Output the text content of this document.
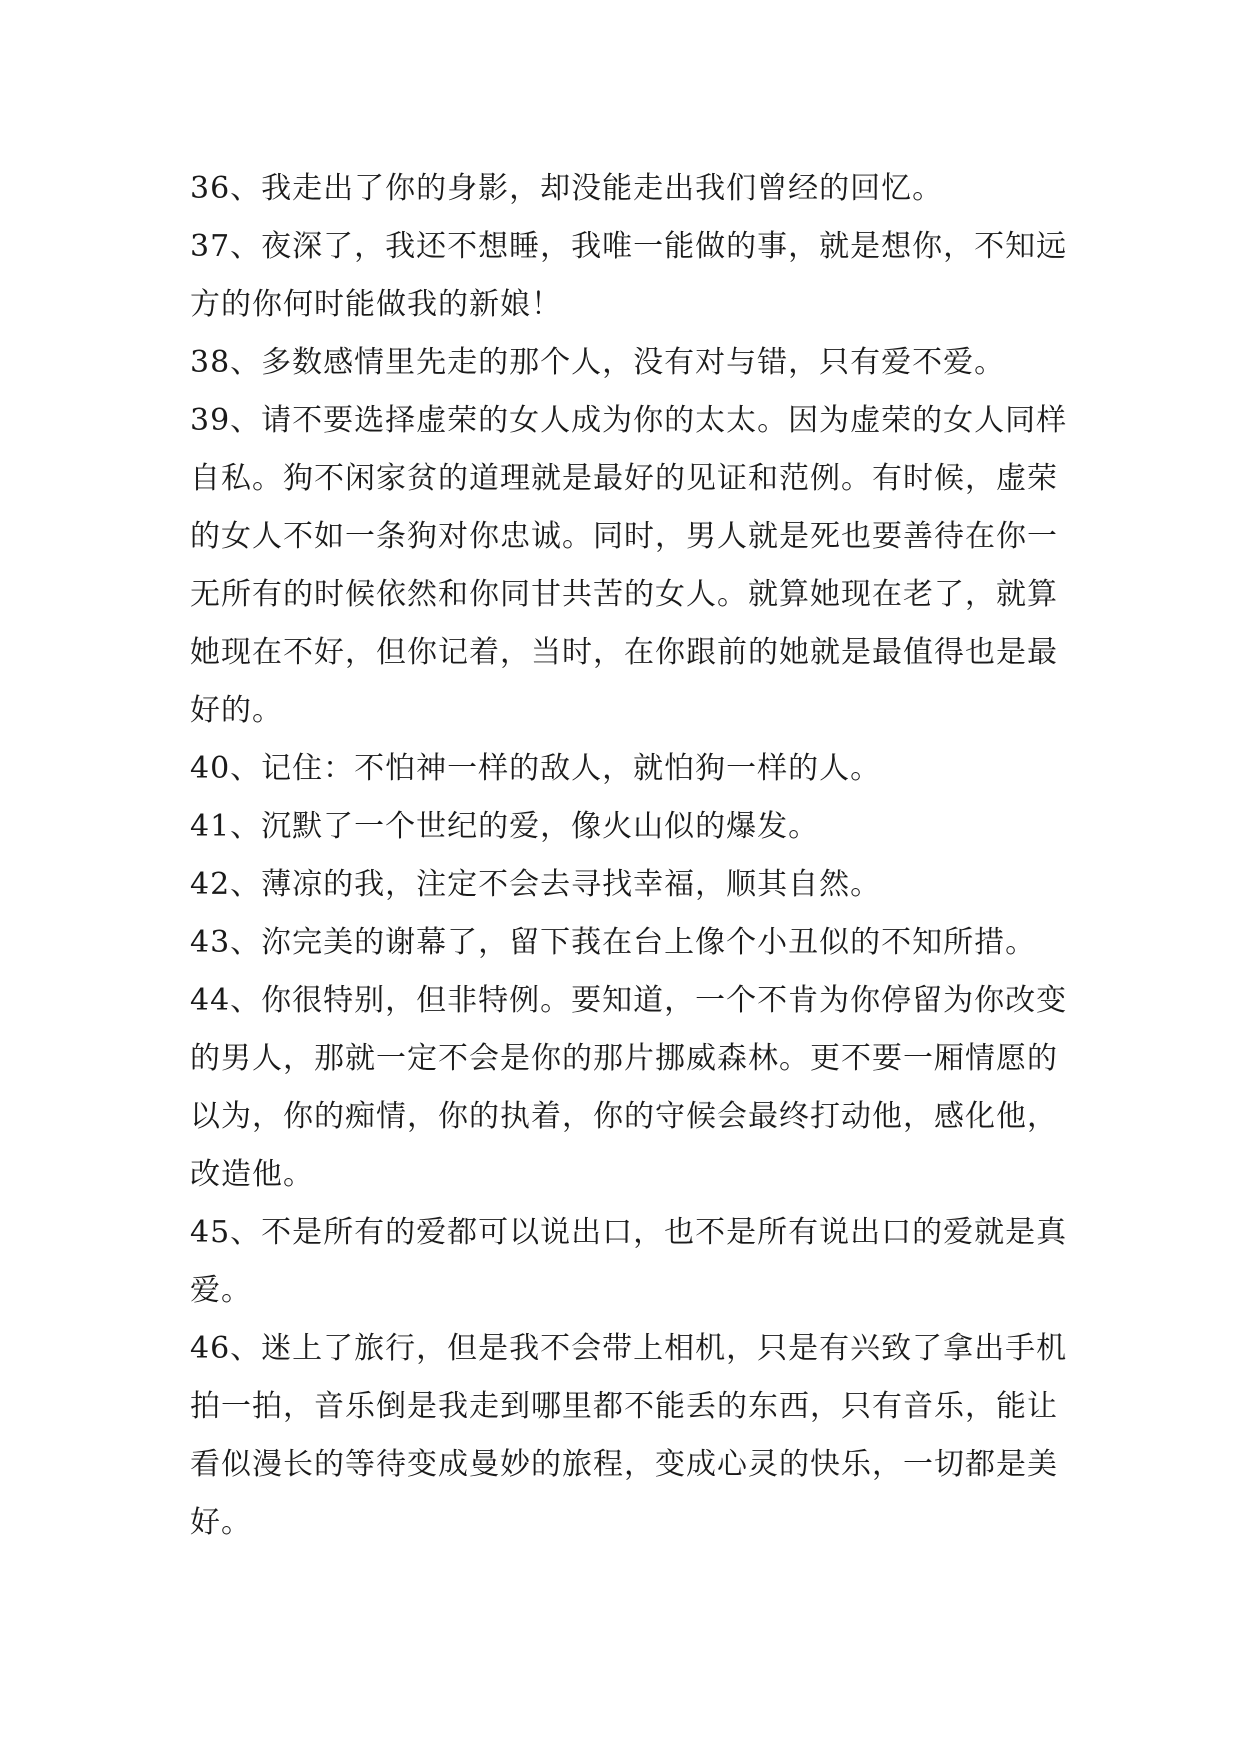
36、我走出了你的身影，却没能走出我们曾经的回忆。

37、夜深了，我还不想睡，我唯一能做的事，就是想你，不知远方的你何时能做我的新娘！

38、多数感情里先走的那个人，没有对与错，只有爱不爱。

39、请不要选择虚荣的女人成为你的太太。因为虚荣的女人同样自私。狗不闲家贫的道理就是最好的见证和范例。有时候，虚荣的女人不如一条狗对你忠诚。同时，男人就是死也要善待在你一无所有的时候依然和你同甘共苦的女人。就算她现在老了，就算她现在不好，但你记着，当时，在你跟前的她就是最值得也是最好的。

40、记住：不怕神一样的敌人，就怕狗一样的人。

41、沉默了一个世纪的爱，像火山似的爆发。

42、薄凉的我，注定不会去寻找幸福，顺其自然。

43、沵完美的谢幕了，留下莪在台上像个小丑似的不知所措。

44、你很特别，但非特例。要知道，一个不肯为你停留为你改变的男人，那就一定不会是你的那片挪威森林。更不要一厢情愿的以为，你的痴情，你的执着，你的守候会最终打动他，感化他，改造他。

45、不是所有的爱都可以说出口，也不是所有说出口的爱就是真爱。

46、迷上了旅行，但是我不会带上相机，只是有兴致了拿出手机拍一拍，音乐倒是我走到哪里都不能丢的东西，只有音乐，能让看似漫长的等待变成曼妙的旅程，变成心灵的快乐，一切都是美好。
